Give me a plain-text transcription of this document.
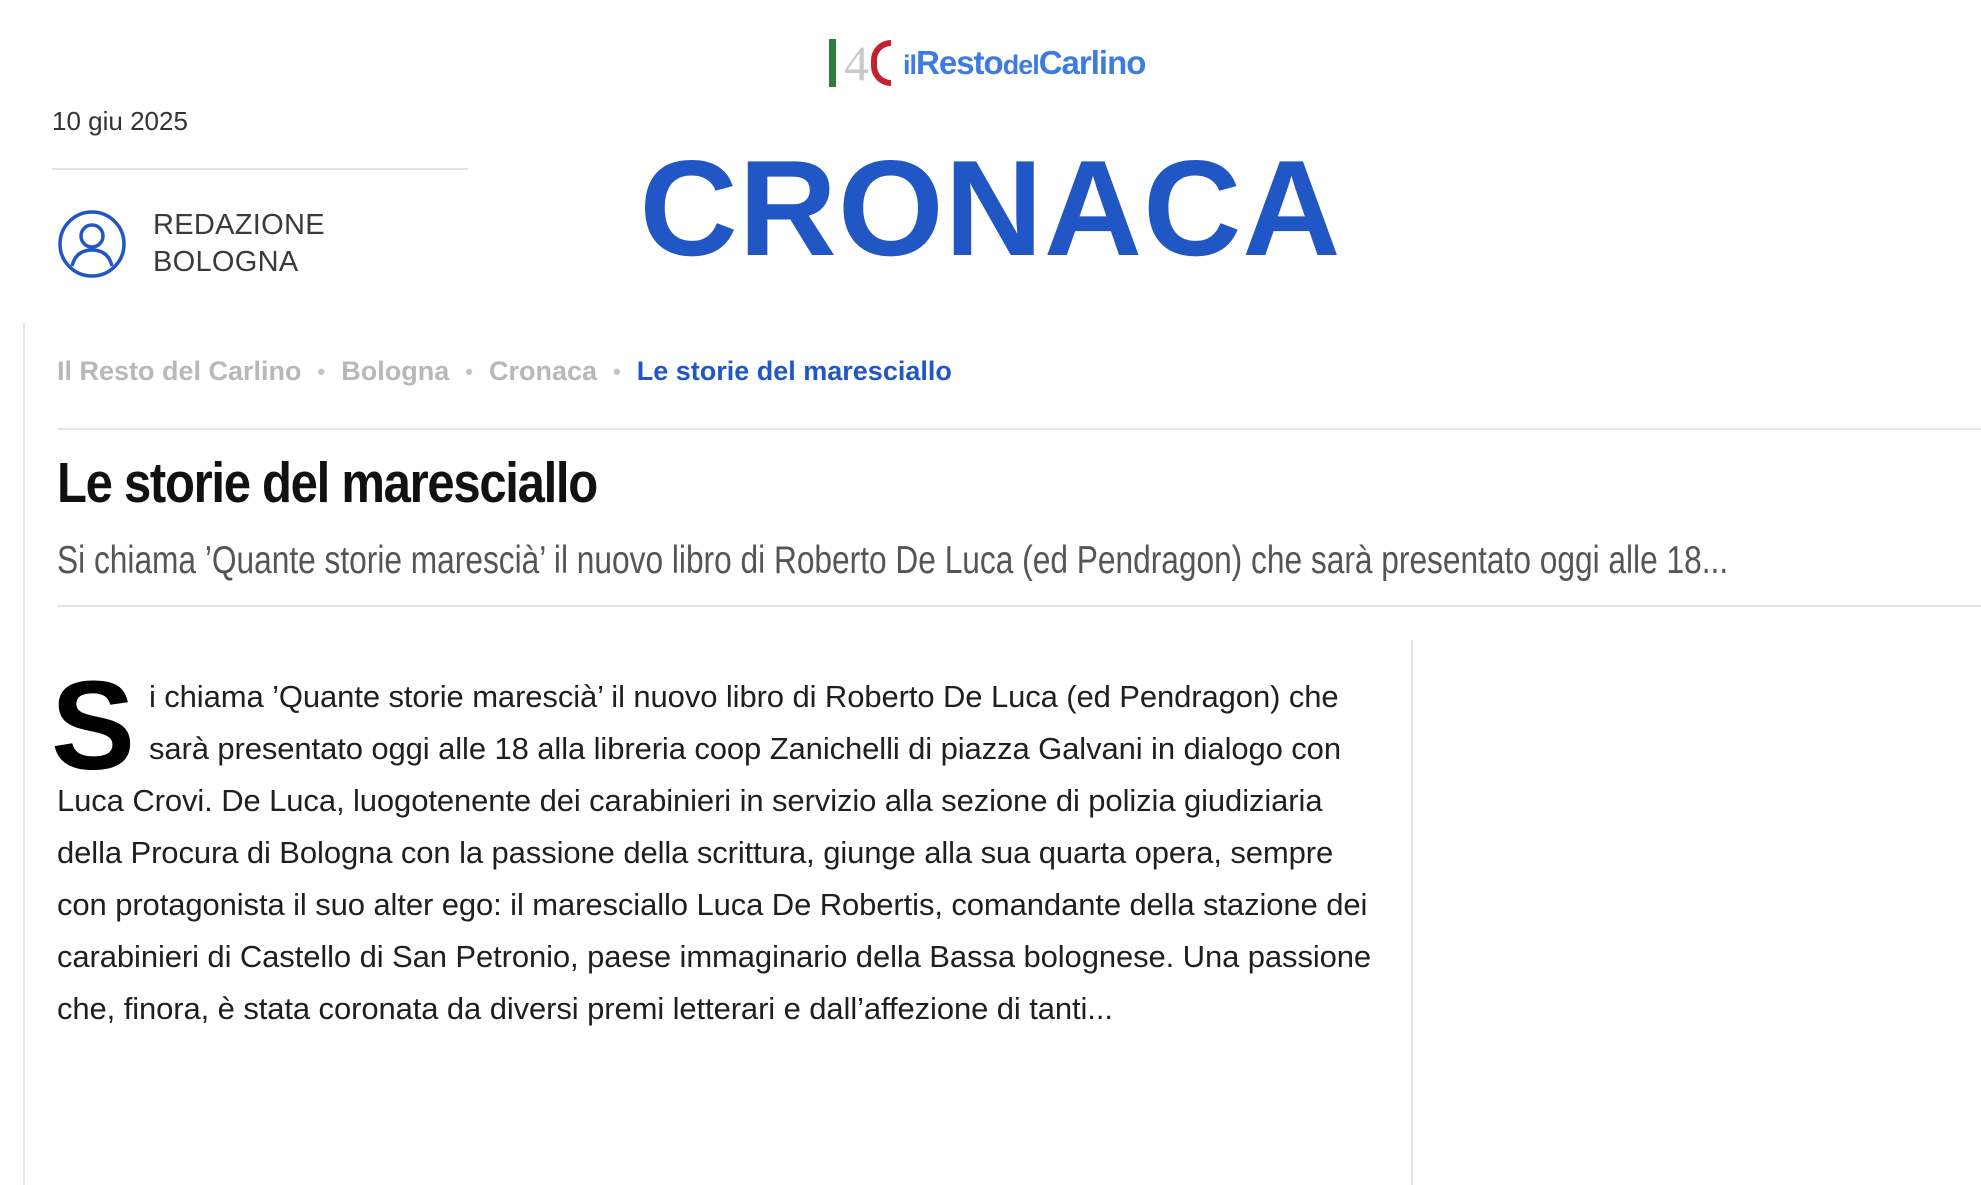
4 ilRestodelCarlino
10 giu 2025
REDAZIONE
BOLOGNA	CRONACA
Il Resto del Carlino • Bologna • Cronaca • Le storie del maresciallo
Le storie del maresciallo
Si chiama ’Quante storie marescià’ il nuovo libro di Roberto De Luca (ed Pendragon) che sarà presentato oggi alle 18...
S i chiama ’Quante storie marescià’ il nuovo libro di Roberto De Luca (ed Pendragon) che sarà presentato oggi alle 18 alla libreria coop Zanichelli di piazza Galvani in dialogo con Luca Crovi. De Luca, luogotenente dei carabinieri in servizio alla sezione di polizia giudiziaria della Procura di Bologna con la passione della scrittura, giunge alla sua quarta opera, sempre con protagonista il suo alter ego: il maresciallo Luca De Robertis, comandante della stazione dei carabinieri di Castello di San Petronio, paese immaginario della Bassa bolognese. Una passione che, finora, è stata coronata da diversi premi letterari e dall’affezione di tanti...
